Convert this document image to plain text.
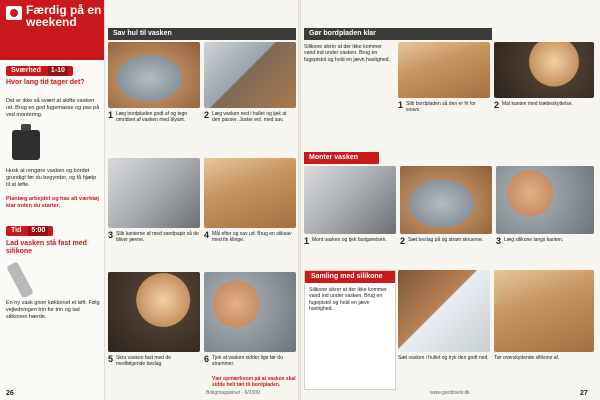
Færdig på en weekend
Sværhed 1-10
Hvor lang tid tager det?
Det er ikke så svært at skifte vasken ud. Brug en god fugemasse og pas på ved montering.
Husk at rengøre vasken og bordet grundigt før du begynder, og få hjælp til at løfte.
Planlæg arbejdet og hav alt værktøj klar inden du starter.
Tid 5:00
Lad vasken stå fast med silikone
En ny vask giver køkkenet et løft. Følg vejledningen trin for trin og lad silikonen hærde.
26
Sav hul til vasken
1 Læg bordpladen godt af og tegn omridset af vasken med blyant.	2 Læg vasken ned i hullet og tjek at den passer. Juster evt. med sav.
3 Slib kanterne af med sandpapir så de bliver jævne.	4 Mål efter og sav ud. Brug en stiksav med fin klinge.
5 Skru vasken fast med de medfølgende beslag.	6 Tjek at vasken sidder lige før du strammer.
Vær opmærksom på at vasken skal sidde helt tæt til bordpladen.
Boligmagasinet · 6/2009
Gør bordpladen klar
Silikone sikrer at der ikke kommer vand ind under vasken. Brug en fugepistol og hold en jævn hastighed.
1 Slib bordpladen så den er fri for snavs.	2 Mal kanten med træbeskyttelse.
Monter vasken
1 Mont vasken og tjek fastgørelsen.	2 Sæt beslag på og stram skruerne.	3 Læg silikone langs kanten.
Samling med silikone
Silikone sikrer at der ikke kommer vand ind under vasken. Brug en fugepistol og hold en jævn hastighed.
Sæt vasken i hullet og tryk den godt ned. Tør overskydende silikone af.
www.gorditselv.dk	27
